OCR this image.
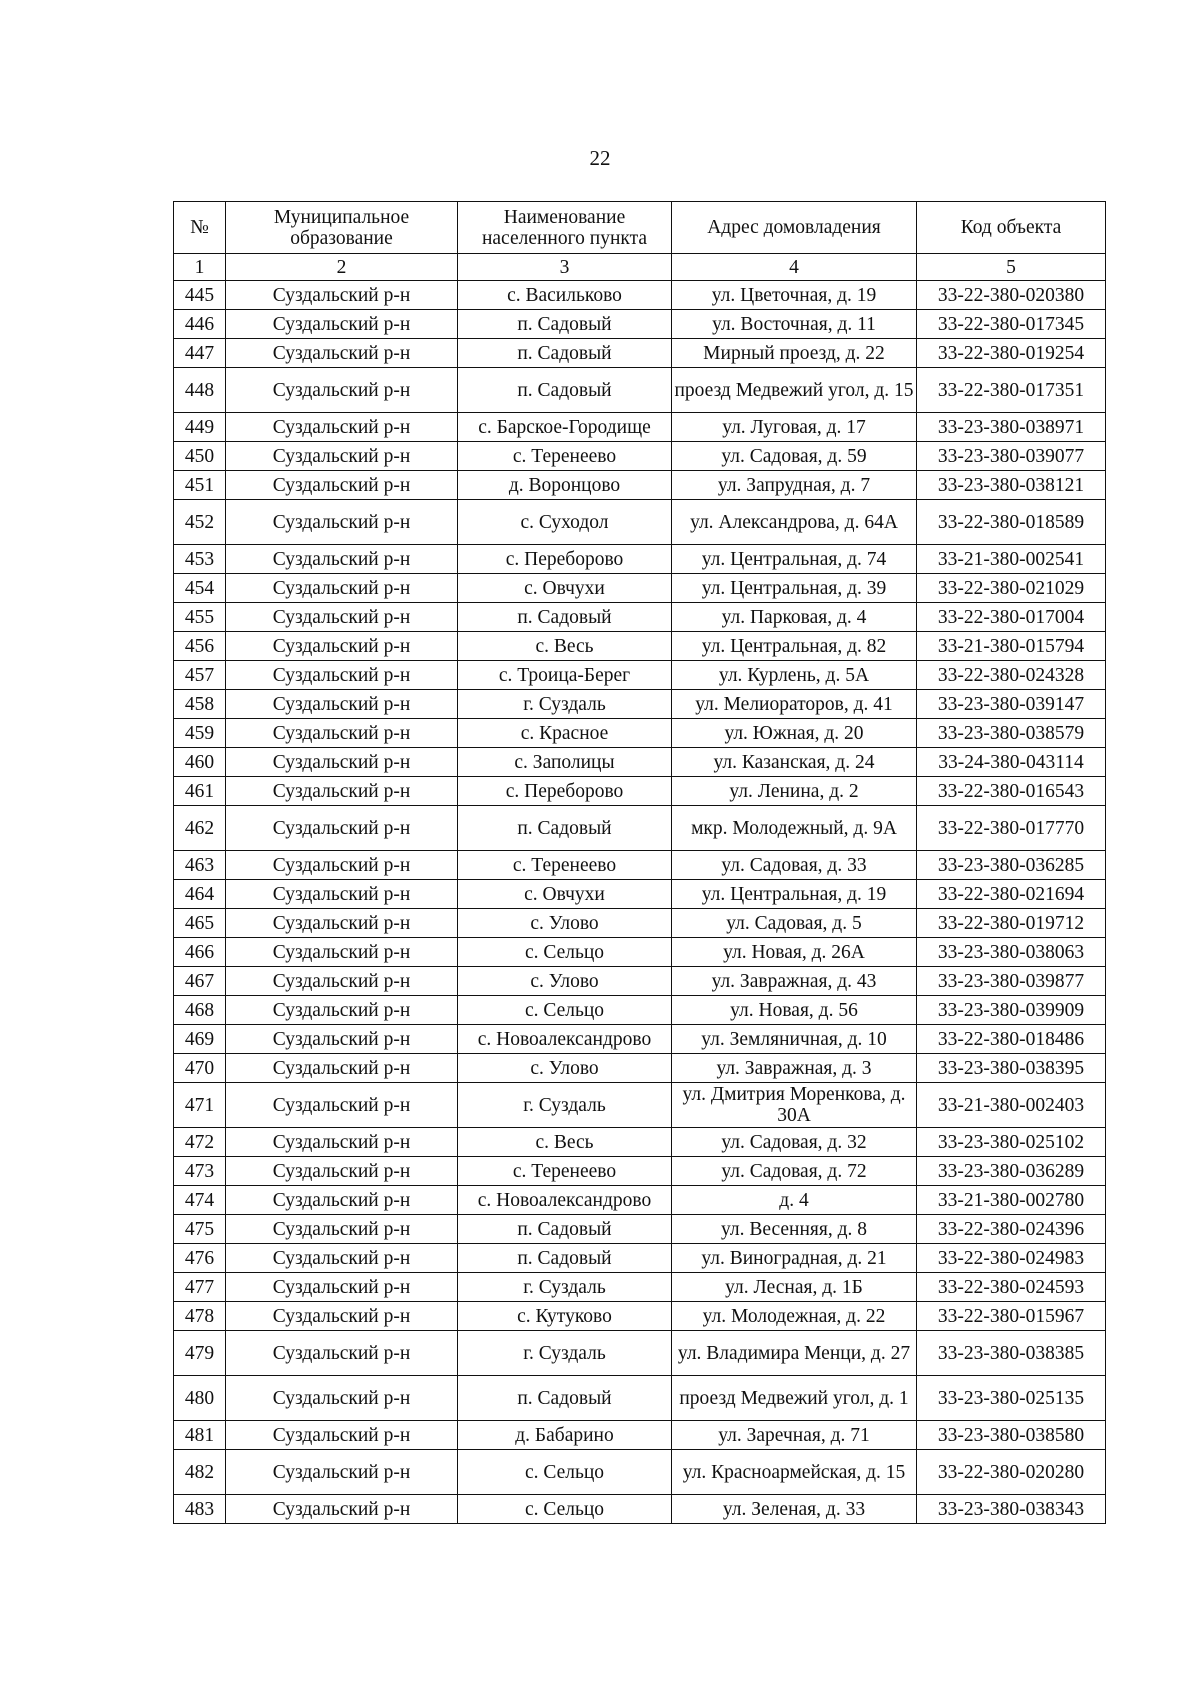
22
№	Муниципальное образование	Наименование населенного пункта	Адрес домовладения	Код объекта
1	2	3	4	5
445	Суздальский р-н	с. Васильково	ул. Цветочная, д. 19	33-22-380-020380
446	Суздальский р-н	п. Садовый	ул. Восточная, д. 11	33-22-380-017345
447	Суздальский р-н	п. Садовый	Мирный проезд, д. 22	33-22-380-019254
448	Суздальский р-н	п. Садовый	проезд Медвежий угол, д. 15	33-22-380-017351
449	Суздальский р-н	с. Барское-Городище	ул. Луговая, д. 17	33-23-380-038971
450	Суздальский р-н	с. Теренеево	ул. Садовая, д. 59	33-23-380-039077
451	Суздальский р-н	д. Воронцово	ул. Запрудная, д. 7	33-23-380-038121
452	Суздальский р-н	с. Суходол	ул. Александрова, д. 64А	33-22-380-018589
453	Суздальский р-н	с. Переборово	ул. Центральная, д. 74	33-21-380-002541
454	Суздальский р-н	с. Овчухи	ул. Центральная, д. 39	33-22-380-021029
455	Суздальский р-н	п. Садовый	ул. Парковая, д. 4	33-22-380-017004
456	Суздальский р-н	с. Весь	ул. Центральная, д. 82	33-21-380-015794
457	Суздальский р-н	с. Троица-Берег	ул. Курлень, д. 5А	33-22-380-024328
458	Суздальский р-н	г. Суздаль	ул. Мелиораторов, д. 41	33-23-380-039147
459	Суздальский р-н	с. Красное	ул. Южная, д. 20	33-23-380-038579
460	Суздальский р-н	с. Заполицы	ул. Казанская, д. 24	33-24-380-043114
461	Суздальский р-н	с. Переборово	ул. Ленина, д. 2	33-22-380-016543
462	Суздальский р-н	п. Садовый	мкр. Молодежный, д. 9А	33-22-380-017770
463	Суздальский р-н	с. Теренеево	ул. Садовая, д. 33	33-23-380-036285
464	Суздальский р-н	с. Овчухи	ул. Центральная, д. 19	33-22-380-021694
465	Суздальский р-н	с. Улово	ул. Садовая, д. 5	33-22-380-019712
466	Суздальский р-н	с. Сельцо	ул. Новая, д. 26А	33-23-380-038063
467	Суздальский р-н	с. Улово	ул. Завражная, д. 43	33-23-380-039877
468	Суздальский р-н	с. Сельцо	ул. Новая, д. 56	33-23-380-039909
469	Суздальский р-н	с. Новоалександрово	ул. Земляничная, д. 10	33-22-380-018486
470	Суздальский р-н	с. Улово	ул. Завражная, д. 3	33-23-380-038395
471	Суздальский р-н	г. Суздаль	ул. Дмитрия Моренкова, д. 30А	33-21-380-002403
472	Суздальский р-н	с. Весь	ул. Садовая, д. 32	33-23-380-025102
473	Суздальский р-н	с. Теренеево	ул. Садовая, д. 72	33-23-380-036289
474	Суздальский р-н	с. Новоалександрово	д. 4	33-21-380-002780
475	Суздальский р-н	п. Садовый	ул. Весенняя, д. 8	33-22-380-024396
476	Суздальский р-н	п. Садовый	ул. Виноградная, д. 21	33-22-380-024983
477	Суздальский р-н	г. Суздаль	ул. Лесная, д. 1Б	33-22-380-024593
478	Суздальский р-н	с. Кутуково	ул. Молодежная, д. 22	33-22-380-015967
479	Суздальский р-н	г. Суздаль	ул. Владимира Менци, д. 27	33-23-380-038385
480	Суздальский р-н	п. Садовый	проезд Медвежий угол, д. 1	33-23-380-025135
481	Суздальский р-н	д. Бабарино	ул. Заречная, д. 71	33-23-380-038580
482	Суздальский р-н	с. Сельцо	ул. Красноармейская, д. 15	33-22-380-020280
483	Суздальский р-н	с. Сельцо	ул. Зеленая, д. 33	33-23-380-038343
